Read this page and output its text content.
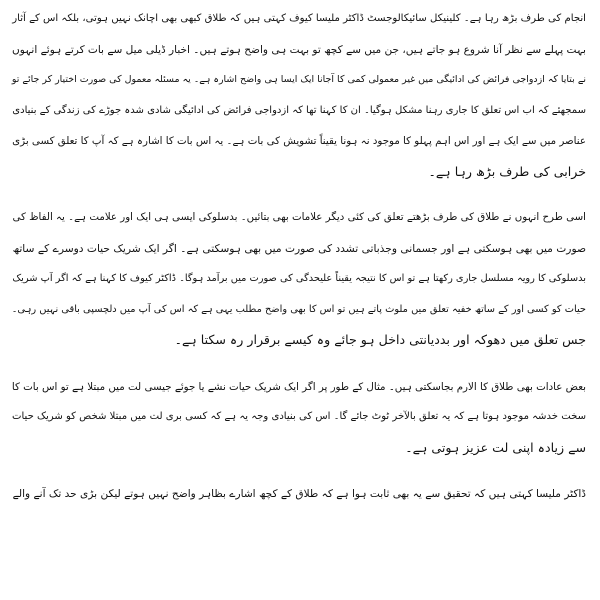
انجام کی طرف بڑھ رہا ہے۔ کلینیکل سائیکالوجسٹ ڈاکٹر ملیسا کیوف کہتی ہیں کہ طلاق کبھی بھی اچانک نہیں ہوتی، بلکہ اس کے آثار

بہت پہلے سے نظر آنا شروع ہو جاتے ہیں، جن میں سے کچھ تو بہت ہی واضح ہوتے ہیں۔ اخبار ڈیلی میل سے بات کرتے ہوئے انہوں

نے بتایا کہ ازدواجی فرائض کی ادائیگی میں غیر معمولی کمی کا آجانا ایک ایسا ہی واضح اشارہ ہے۔ یہ مسئلہ معمول کی صورت اختیار کر جائے تو

سمجھئے کہ اب اس تعلق کا جاری رہنا مشکل ہوگیا۔ ان کا کہنا تھا کہ ازدواجی فرائض کی ادائیگی شادی شدہ جوڑے کی زندگی کے بنیادی

عناصر میں سے ایک ہے اور اس اہم پہلو کا موجود نہ ہونا یقیناً تشویش کی بات ہے۔ یہ اس بات کا اشارہ ہے کہ آپ کا تعلق کسی بڑی

خرابی کی طرف بڑھ رہا ہے۔

اسی طرح انہوں نے طلاق کی طرف بڑھتے تعلق کی کئی دیگر علامات بھی بتائیں۔ بدسلوکی ایسی ہی ایک اور علامت ہے۔ یہ الفاظ کی

صورت میں بھی ہوسکتی ہے اور جسمانی وجذباتی تشدد کی صورت میں بھی ہوسکتی ہے۔ اگر ایک شریک حیات دوسرے کے ساتھ

بدسلوکی کا رویہ مسلسل جاری رکھتا ہے تو اس کا نتیجہ یقیناً علیحدگی کی صورت میں برآمد ہوگا۔ ڈاکٹر کیوف کا کہنا ہے کہ اگر آپ شریک

حیات کو کسی اور کے ساتھ خفیہ تعلق میں ملوث پاتے ہیں تو اس کا بھی واضح مطلب یہی ہے کہ اس کی آپ میں دلچسپی باقی نہیں رہی۔

جس تعلق میں دھوکہ اور بددیانتی داخل ہو جائے وہ کیسے برقرار رہ سکتا ہے۔

بعض عادات بھی طلاق کا الارم بجاسکتی ہیں۔ مثال کے طور پر اگر ایک شریک حیات نشے یا جوئے جیسی لت میں مبتلا ہے تو اس بات کا

سخت خدشہ موجود ہوتا ہے کہ یہ تعلق بالآخر ٹوٹ جائے گا۔ اس کی بنیادی وجہ یہ ہے کہ کسی بری لت میں مبتلا شخص کو شریک حیات

سے زیادہ اپنی لت عزیز ہوتی ہے۔

ڈاکٹر ملیسا کہتی ہیں کہ تحقیق سے یہ بھی ثابت ہوا ہے کہ طلاق کے کچھ اشارے بظاہر واضح نہیں ہوتے لیکن بڑی حد تک آنے والے
